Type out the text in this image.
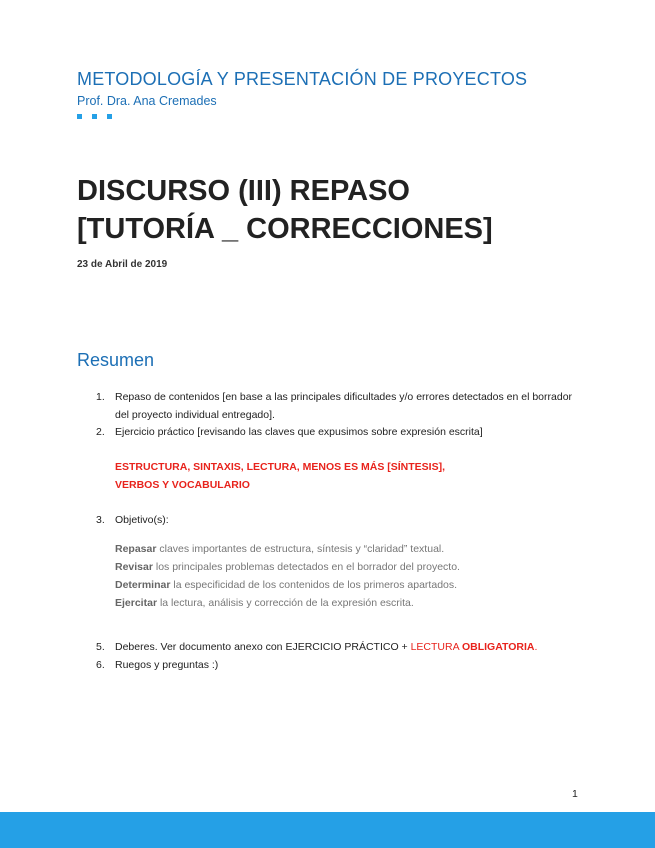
METODOLOGÍA Y PRESENTACIÓN DE PROYECTOS
Prof. Dra. Ana Cremades
DISCURSO (III) REPASO
[TUTORÍA _ CORRECCIONES]
23 de Abril de 2019
Resumen
1. Repaso de contenidos [en base a las principales dificultades y/o errores detectados en el borrador del proyecto individual entregado].
2. Ejercicio práctico [revisando las claves que expusimos sobre expresión escrita]
ESTRUCTURA, SINTAXIS, LECTURA, MENOS ES MÁS [SÍNTESIS],
VERBOS Y VOCABULARIO
3. Objetivo(s):
Repasar claves importantes de estructura, síntesis y “claridad” textual.
Revisar los principales problemas detectados en el borrador del proyecto.
Determinar la especificidad de los contenidos de los primeros apartados.
Ejercitar la lectura, análisis y corrección de la expresión escrita.
5. Deberes. Ver documento anexo con EJERCICIO PRÁCTICO + LECTURA OBLIGATORIA.
6. Ruegos y preguntas :)
1
